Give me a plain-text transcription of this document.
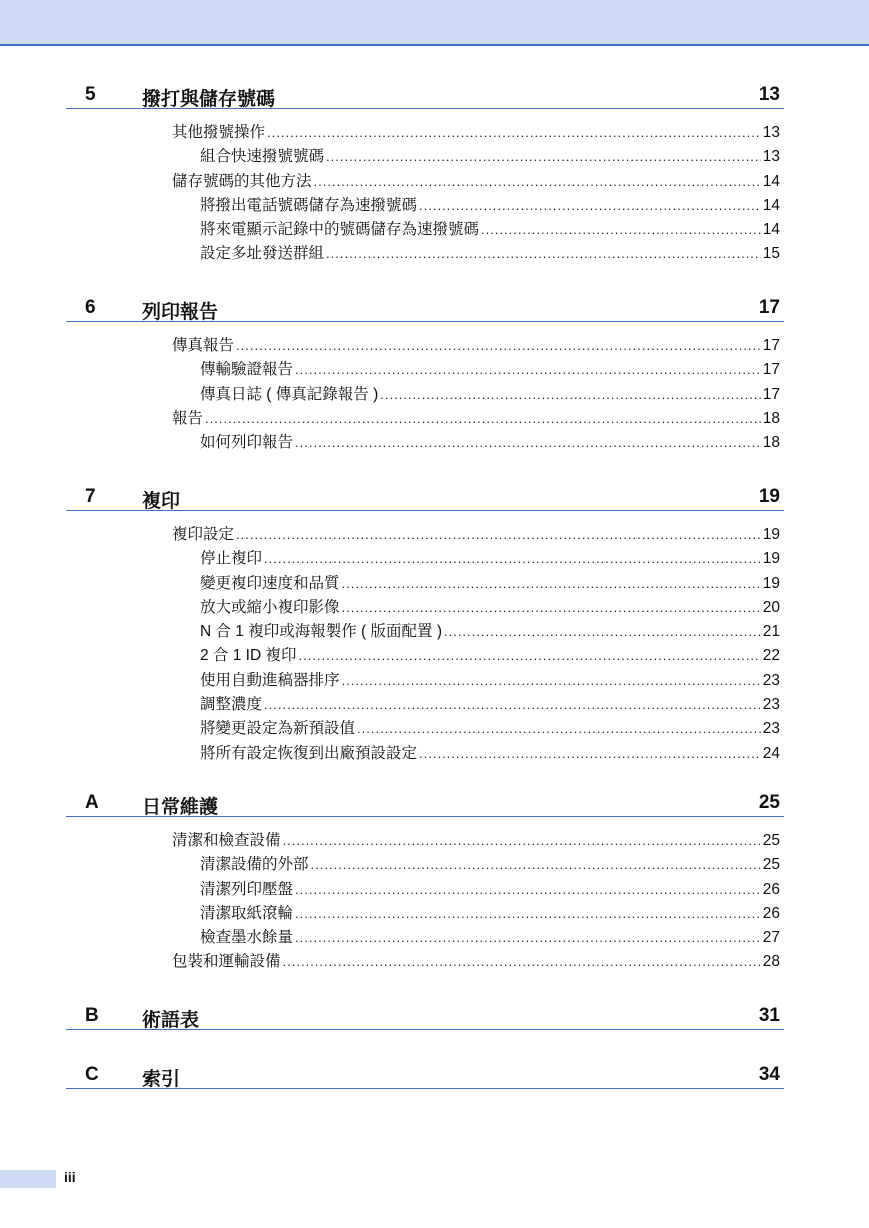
5 撥打與儲存號碼	13
其他撥號操作 .....	13
組合快速撥號號碼 .....	13
儲存號碼的其他方法 .....	14
將撥出電話號碼儲存為速撥號碼 .....	14
將來電顯示記錄中的號碼儲存為速撥號碼 .....	14
設定多址發送群組 .....	15
6 列印報告	17
傳真報告 .....	17
傳輸驗證報告 .....	17
傳真日誌 ( 傳真記錄報告 ) .....	17
報告 .....	18
如何列印報告 .....	18
7 複印	19
複印設定 .....	19
停止複印 .....	19
變更複印速度和品質 .....	19
放大或縮小複印影像 .....	20
N 合 1 複印或海報製作 ( 版面配置 ) .....	21
2 合 1 ID 複印 .....	22
使用自動進稿器排序 .....	23
調整濃度 .....	23
將變更設定為新預設值 .....	23
將所有設定恢復到出廠預設設定 .....	24
A 日常維護	25
清潔和檢查設備 .....	25
清潔設備的外部 .....	25
清潔列印壓盤 .....	26
清潔取紙滾輪 .....	26
檢查墨水餘量 .....	27
包裝和運輸設備 .....	28
B 術語表	31
C 索引	34
iii
